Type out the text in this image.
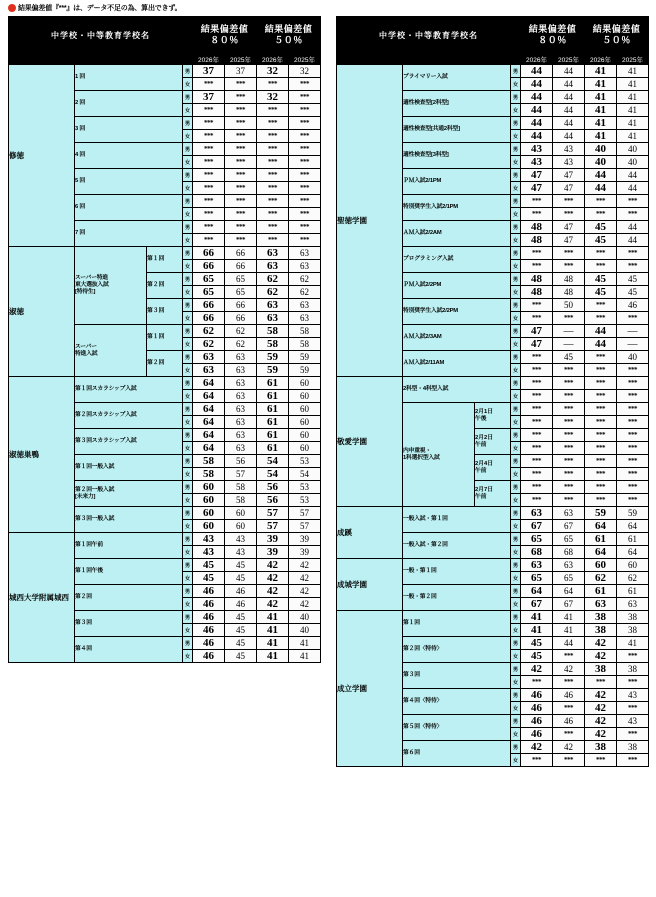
結果偏差値『***』は、データ不足の為、算出できず。
中学校・中等教育学校名				結果偏差値
８０％		結果偏差値
５０％	
				2026年	2025年	2026年	2025年
修徳	1 回		男	37	37	32	32
			女	***	***	***	***
	2 回		男	37	***	32	***
			女	***	***	***	***
	3 回		男	***	***	***	***
			女	***	***	***	***
	4 回		男	***	***	***	***
			女	***	***	***	***
	5 回		男	***	***	***	***
			女	***	***	***	***
	6 回		男	***	***	***	***
			女	***	***	***	***
	7 回		男	***	***	***	***
			女	***	***	***	***
淑徳	スーパー特進
東大選抜入試
[特待生]	第１回	男	66	66	63	63
			女	66	66	63	63
		第２回	男	65	65	62	62
			女	65	65	62	62
		第３回	男	66	66	63	63
			女	66	66	63	63
	スーパー
特進入試	第１回	男	62	62	58	58
			女	62	62	58	58
		第２回	男	63	63	59	59
			女	63	63	59	59
淑徳巣鴨	第１回スカラシップ入試		男	64	63	61	60
			女	64	63	61	60
	第２回スカラシップ入試		男	64	63	61	60
			女	64	63	61	60
	第３回スカラシップ入試		男	64	63	61	60
			女	64	63	61	60
	第１回一般入試		男	58	56	54	53
			女	58	57	54	54
	第２回一般入試
[未来力]		男	60	58	56	53
			女	60	58	56	53
	第３回一般入試		男	60	60	57	57
			女	60	60	57	57
城西大学附属城西	第１回午前		男	43	43	39	39
			女	43	43	39	39
	第１回午後		男	45	45	42	42
			女	45	45	42	42
	第２回		男	46	46	42	42
			女	46	46	42	42
	第３回		男	46	45	41	40
			女	46	45	41	40
	第４回		男	46	45	41	41
			女	46	45	41	41
中学校・中等教育学校名				結果偏差値
８０％		結果偏差値
５０％	
				2026年	2025年	2026年	2025年
聖徳学園	プライマリー入試		男	44	44	41	41
			女	44	44	41	41
	適性検査型[2科型]		男	44	44	41	41
			女	44	44	41	41
	適性検査型[共通2科型]		男	44	44	41	41
			女	44	44	41	41
	適性検査型[3科型]		男	43	43	40	40
			女	43	43	40	40
	ＰＭ入試2/1PM		男	47	47	44	44
			女	47	47	44	44
	特別奨学生入試2/1PM		男	***	***	***	***
			女	***	***	***	***
	ＡＭ入試2/2AM		男	48	47	45	44
			女	48	47	45	44
	プログラミング入試		男	***	***	***	***
			女	***	***	***	***
	ＰＭ入試2/2PM		男	48	48	45	45
			女	48	48	45	45
	特別奨学生入試2/2PM		男	***	50	***	46
			女	***	***	***	***
	ＡＭ入試2/3AM		男	47	—	44	—
			女	47	—	44	—
	ＡＭ入試2/11AM		男	***	45	***	40
			女	***	***	***	***
敬愛学園	2科型・4科型入試		男	***	***	***	***
			女	***	***	***	***
	内申重視・
1科選択型入試	2月1日
午後	男	***	***	***	***
			女	***	***	***	***
		2月2日
午前	男	***	***	***	***
			女	***	***	***	***
		2月4日
午前	男	***	***	***	***
			女	***	***	***	***
		2月7日
午前	男	***	***	***	***
			女	***	***	***	***
成蹊	一般入試・第１回		男	63	63	59	59
			女	67	67	64	64
	一般入試・第２回		男	65	65	61	61
			女	68	68	64	64
成城学園	一般・第１回		男	63	63	60	60
			女	65	65	62	62
	一般・第２回		男	64	64	61	61
			女	67	67	63	63
成立学園	第１回		男	41	41	38	38
			女	41	41	38	38
	第２回〈特待〉		男	45	44	42	41
			女	45	***	42	***
	第３回		男	42	42	38	38
			女	***	***	***	***
	第４回〈特待〉		男	46	46	42	43
			女	46	***	42	***
	第５回〈特待〉		男	46	46	42	43
			女	46	***	42	***
	第６回		男	42	42	38	38
			女	***	***	***	***
